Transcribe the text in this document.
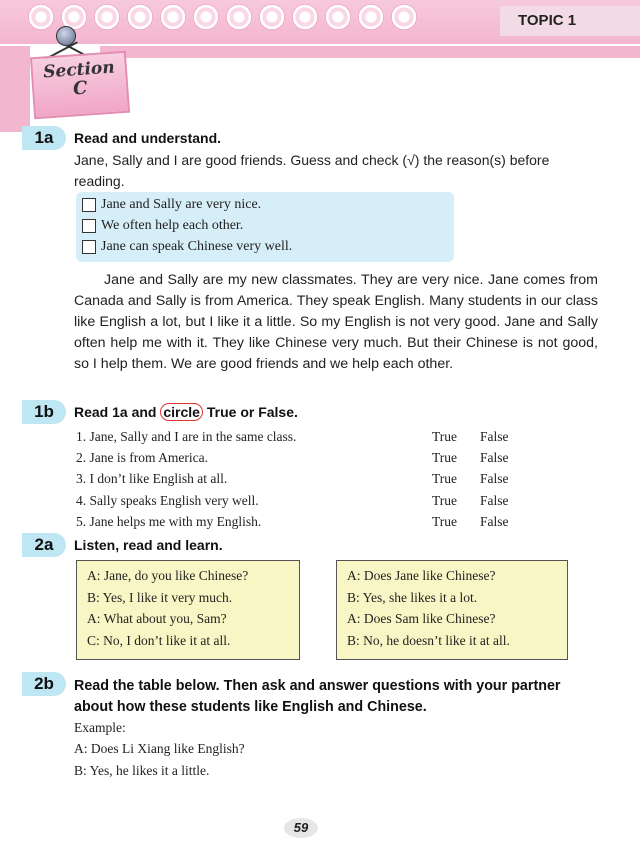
TOPIC 1
Section
C
1a	Read and understand.
Jane, Sally and I are good friends. Guess and check (√) the reason(s) before reading.
Jane and Sally are very nice.
We often help each other.
Jane can speak Chinese very well.
Jane and Sally are my new classmates. They are very nice. Jane comes from Canada and Sally is from America. They speak English. Many students in our class like English a lot, but I like it a little. So my English is not very good. Jane and Sally often help me with it. They like Chinese very much. But their Chinese is not good, so I help them. We are good friends and we help each other.
1b	Read 1a and circle True or False.
1. Jane, Sally and I are in the same class.	True False
2. Jane is from America.	True False
3. I don’t like English at all.	True False
4. Sally speaks English very well.	True False
5. Jane helps me with my English.	True False
2a	Listen, read and learn.
A: Jane, do you like Chinese?
B: Yes, I like it very much.
A: What about you, Sam?
C: No, I don’t like it at all.
A: Does Jane like Chinese?
B: Yes, she likes it a lot.
A: Does Sam like Chinese?
B: No, he doesn’t like it at all.
2b	Read the table below. Then ask and answer questions with your partner about how these students like English and Chinese.
Example:
A: Does Li Xiang like English?
B: Yes, he likes it a little.
59
